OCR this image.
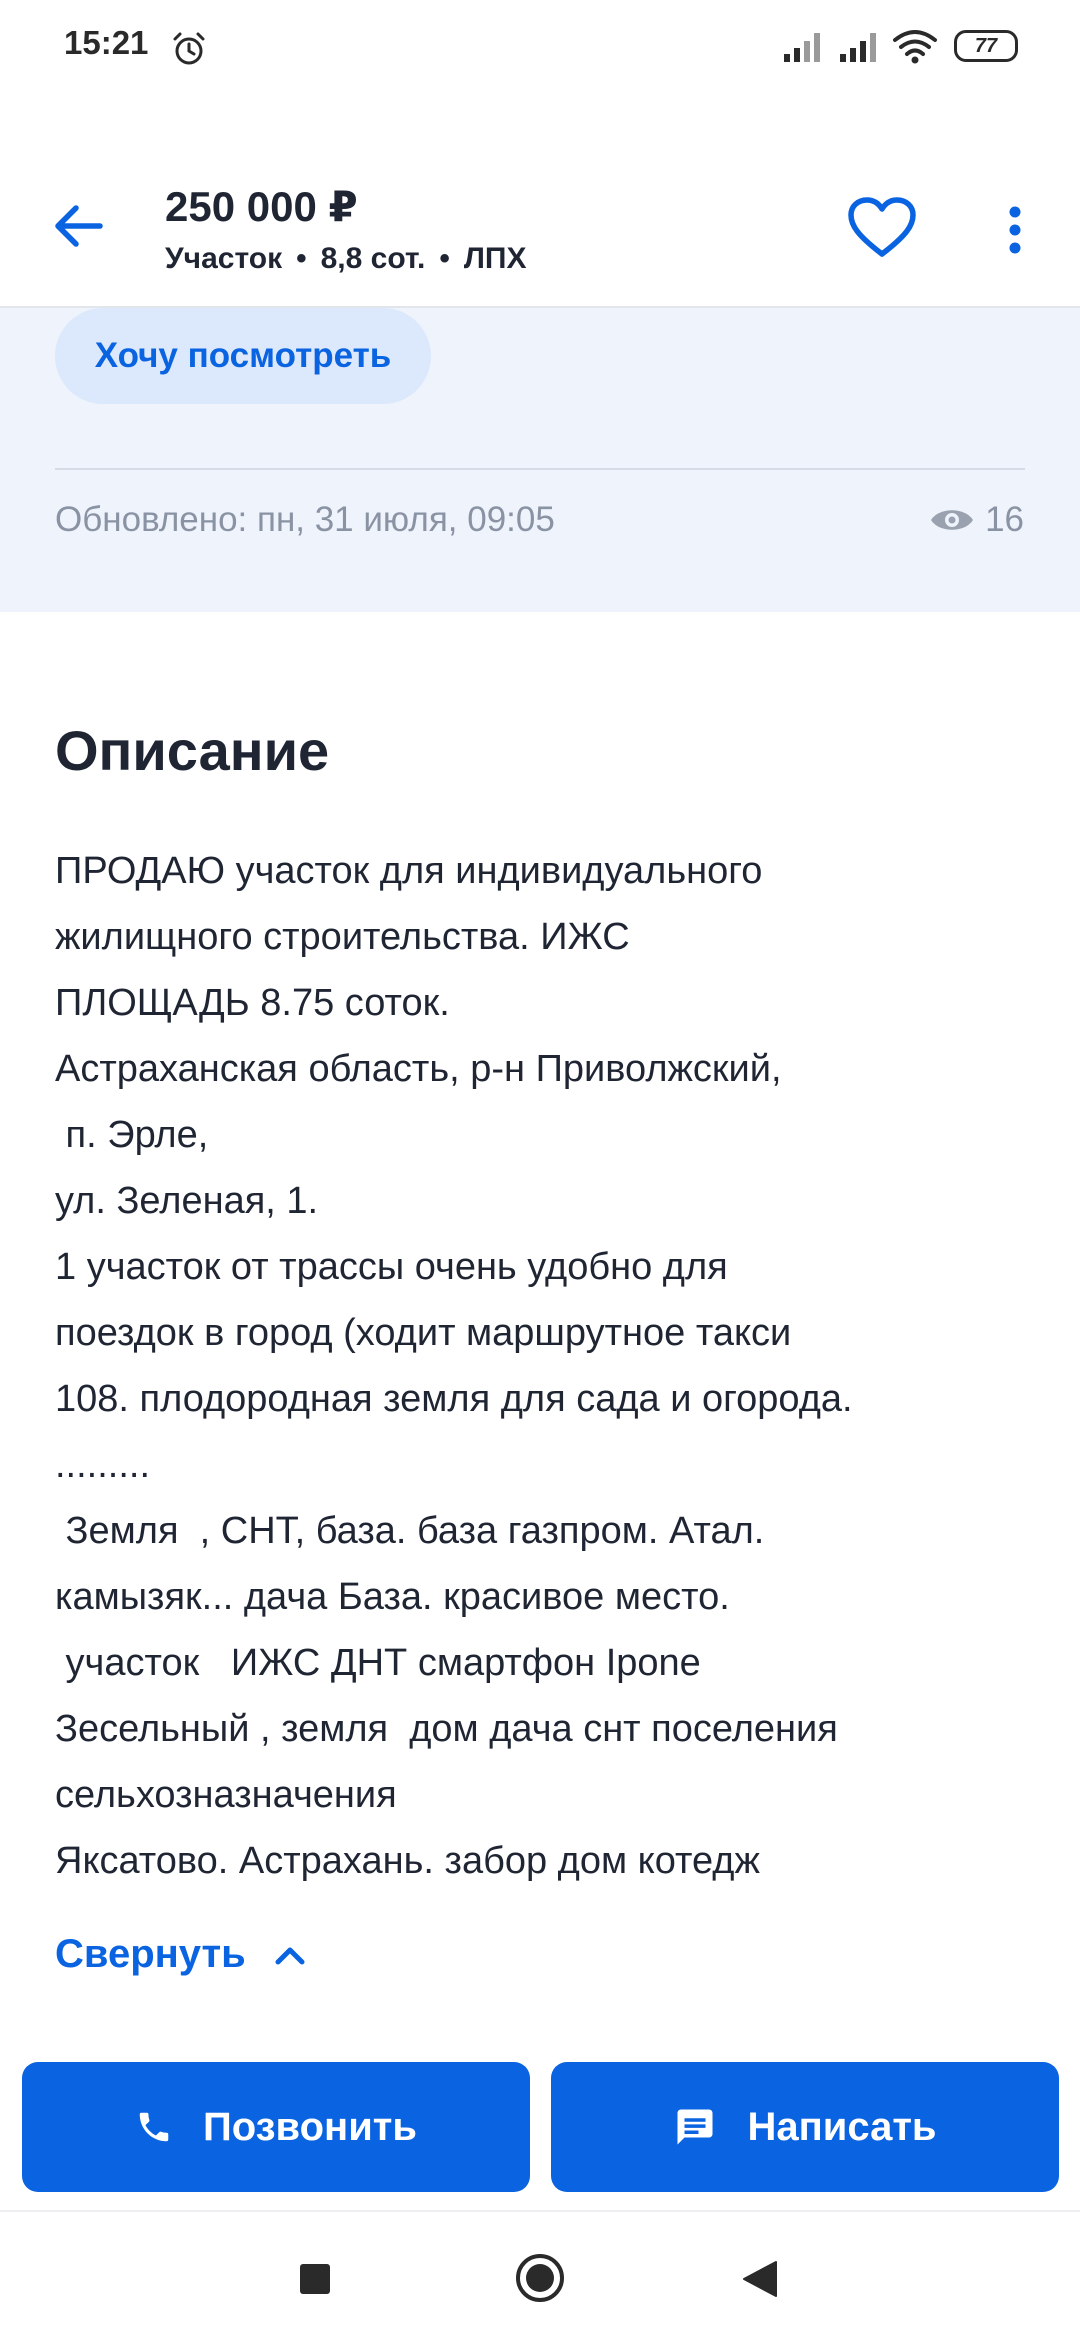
15:21	77
250 000 ₽
Участок • 8,8 сот. • ЛПХ
Хочу посмотреть
Обновлено: пн, 31 июля, 09:05	16
Описание
ПРОДАЮ участок для индивидуального
жилищного строительства. ИЖС
ПЛОЩАДЬ 8.75 соток.
Астраханская область, р-н Приволжский,
п. Эрле,
ул. Зеленая, 1.
1 участок от трассы очень удобно для
поездок в город (ходит маршрутное такси
108. плодородная земля для сада и огорода.
.........
Земля  , СНТ, база. база газпром. Атал.
камызяк... дача База. красивое место.
участок   ИЖС ДНТ смартфон Ipone
Зесельный , земля  дом дача снт поселения
сельхозназначения
Яксатово. Астрахань. забор дом котедж
Свернуть
Позвонить	Написать
